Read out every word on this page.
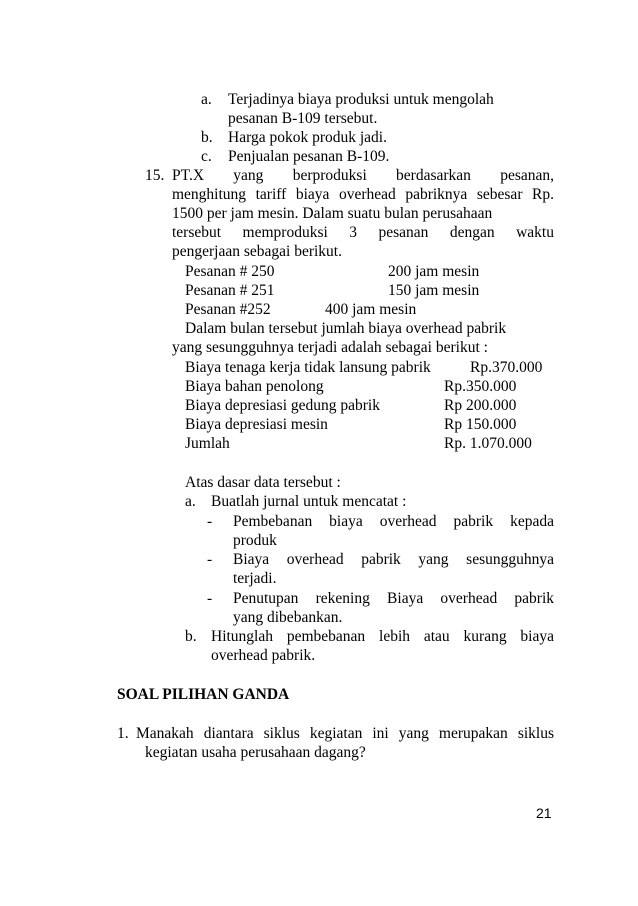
a. Terjadinya biaya produksi untuk mengolah
pesanan B-109 tersebut.
b. Harga pokok produk jadi.
c. Penjualan pesanan B-109.
15. PT.X yang berproduksi berdasarkan pesanan,
menghitung tariff biaya overhead pabriknya sebesar Rp.
1500 per jam mesin. Dalam suatu bulan perusahaan
tersebut memproduksi 3 pesanan dengan waktu
pengerjaan sebagai berikut.
Pesanan # 250	200 jam mesin
Pesanan # 251	150 jam mesin
Pesanan #252	400 jam mesin
Dalam bulan tersebut jumlah biaya overhead pabrik
yang sesungguhnya terjadi adalah sebagai berikut :
Biaya tenaga kerja tidak lansung pabrik	Rp.370.000
Biaya bahan penolong	Rp.350.000
Biaya depresiasi gedung pabrik	Rp 200.000
Biaya depresiasi mesin	Rp 150.000
Jumlah	Rp. 1.070.000
Atas dasar data tersebut :
a. Buatlah jurnal untuk mencatat :
- Pembebanan biaya overhead pabrik kepada
produk
- Biaya overhead pabrik yang sesungguhnya
terjadi.
- Penutupan rekening Biaya overhead pabrik
yang dibebankan.
b. Hitunglah pembebanan lebih atau kurang biaya
overhead pabrik.
SOAL PILIHAN GANDA
1. Manakah diantara siklus kegiatan ini yang merupakan siklus
kegiatan usaha perusahaan dagang?
21
